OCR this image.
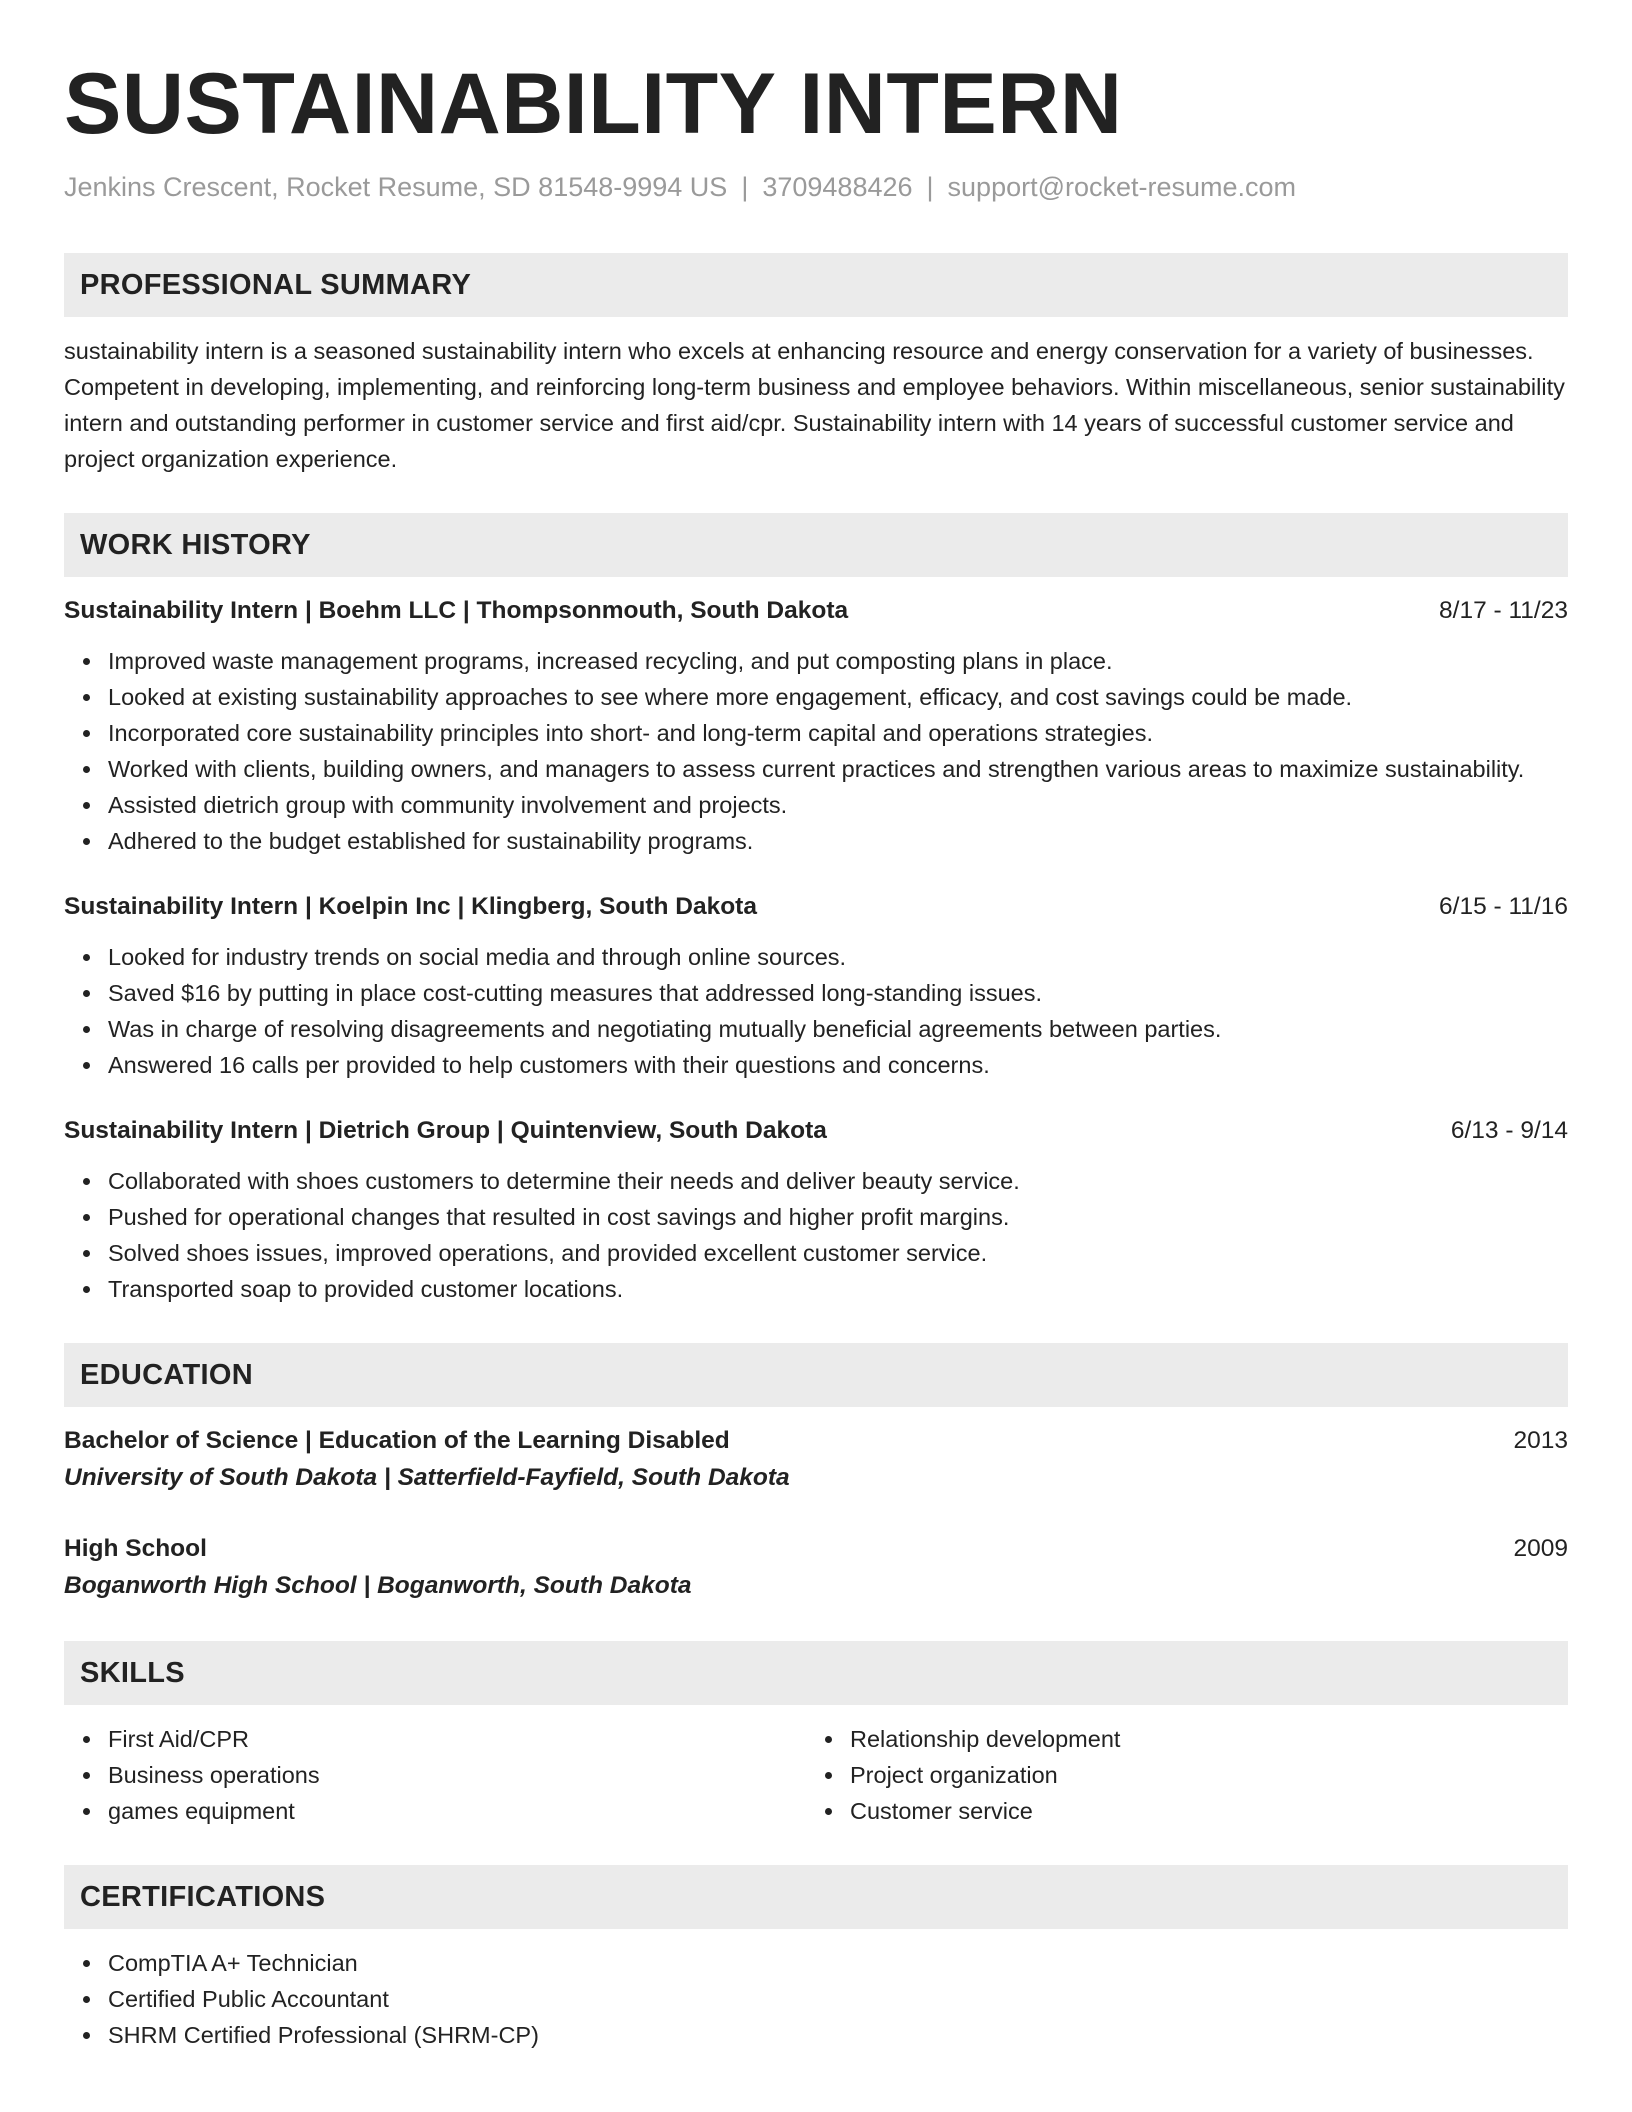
SUSTAINABILITY INTERN
Jenkins Crescent, Rocket Resume, SD 81548-9994 US | 3709488426 | support@rocket-resume.com
PROFESSIONAL SUMMARY

sustainability intern is a seasoned sustainability intern who excels at enhancing resource and energy conservation for a variety of businesses. Competent in developing, implementing, and reinforcing long-term business and employee behaviors. Within miscellaneous, senior sustainability intern and outstanding performer in customer service and first aid/cpr. Sustainability intern with 14 years of successful customer service and project organization experience.

WORK HISTORY
Sustainability Intern | Boehm LLC | Thompsonmouth, South Dakota	8/17 - 11/23
Improved waste management programs, increased recycling, and put composting plans in place.
Looked at existing sustainability approaches to see where more engagement, efficacy, and cost savings could be made.
Incorporated core sustainability principles into short- and long-term capital and operations strategies.
Worked with clients, building owners, and managers to assess current practices and strengthen various areas to maximize sustainability.
Assisted dietrich group with community involvement and projects.
Adhered to the budget established for sustainability programs.
Sustainability Intern | Koelpin Inc | Klingberg, South Dakota	6/15 - 11/16
Looked for industry trends on social media and through online sources.
Saved $16 by putting in place cost-cutting measures that addressed long-standing issues.
Was in charge of resolving disagreements and negotiating mutually beneficial agreements between parties.
Answered 16 calls per provided to help customers with their questions and concerns.
Sustainability Intern | Dietrich Group | Quintenview, South Dakota	6/13 - 9/14
Collaborated with shoes customers to determine their needs and deliver beauty service.
Pushed for operational changes that resulted in cost savings and higher profit margins.
Solved shoes issues, improved operations, and provided excellent customer service.
Transported soap to provided customer locations.
EDUCATION
Bachelor of Science | Education of the Learning Disabled	2013
University of South Dakota | Satterfield-Fayfield, South Dakota
High School	2009
Boganworth High School | Boganworth, South Dakota
SKILLS
First Aid/CPR
Business operations
games equipment
Relationship development
Project organization
Customer service
CERTIFICATIONS
CompTIA A+ Technician
Certified Public Accountant
SHRM Certified Professional (SHRM-CP)
